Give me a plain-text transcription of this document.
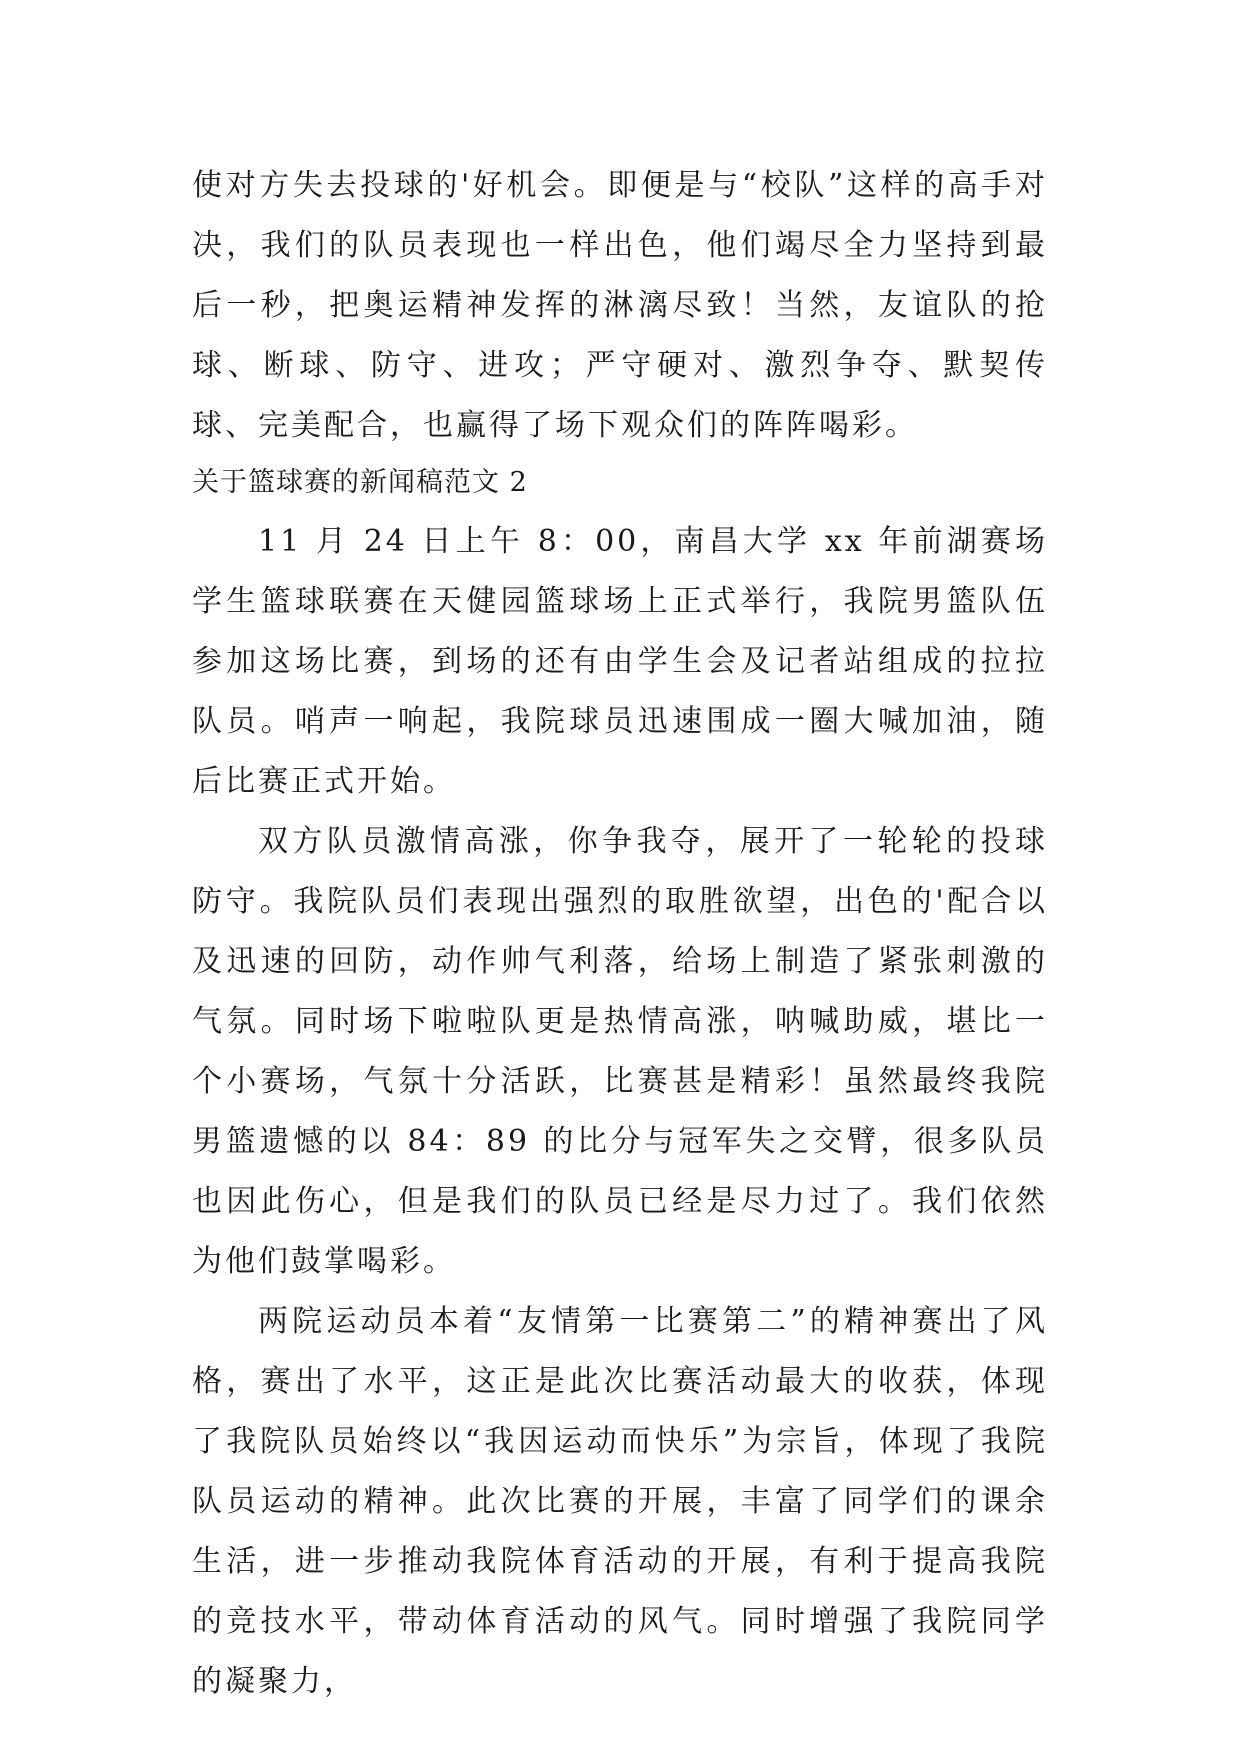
使对方失去投球的'好机会。即便是与“校队”这样的高手对决，我们的队员表现也一样出色，他们竭尽全力坚持到最后一秒，把奥运精神发挥的淋漓尽致！当然，友谊队的抢球、断球、防守、进攻；严守硬对、激烈争夺、默契传球、完美配合，也赢得了场下观众们的阵阵喝彩。

关于篮球赛的新闻稿范文 2

11 月 24 日上午 8：00，南昌大学 xx 年前湖赛场学生篮球联赛在天健园篮球场上正式举行，我院男篮队伍参加这场比赛，到场的还有由学生会及记者站组成的拉拉队员。哨声一响起，我院球员迅速围成一圈大喊加油，随后比赛正式开始。

双方队员激情高涨，你争我夺，展开了一轮轮的投球防守。我院队员们表现出强烈的取胜欲望，出色的'配合以及迅速的回防，动作帅气利落，给场上制造了紧张刺激的气氛。同时场下啦啦队更是热情高涨，呐喊助威，堪比一个小赛场，气氛十分活跃，比赛甚是精彩！虽然最终我院男篮遗憾的以 84：89 的比分与冠军失之交臂，很多队员也因此伤心，但是我们的队员已经是尽力过了。我们依然为他们鼓掌喝彩。

两院运动员本着“友情第一比赛第二”的精神赛出了风格，赛出了水平，这正是此次比赛活动最大的收获，体现了我院队员始终以“我因运动而快乐”为宗旨，体现了我院队员运动的精神。此次比赛的开展，丰富了同学们的课余生活，进一步推动我院体育活动的开展，有利于提高我院的竞技水平，带动体育活动的风气。同时增强了我院同学的凝聚力，
